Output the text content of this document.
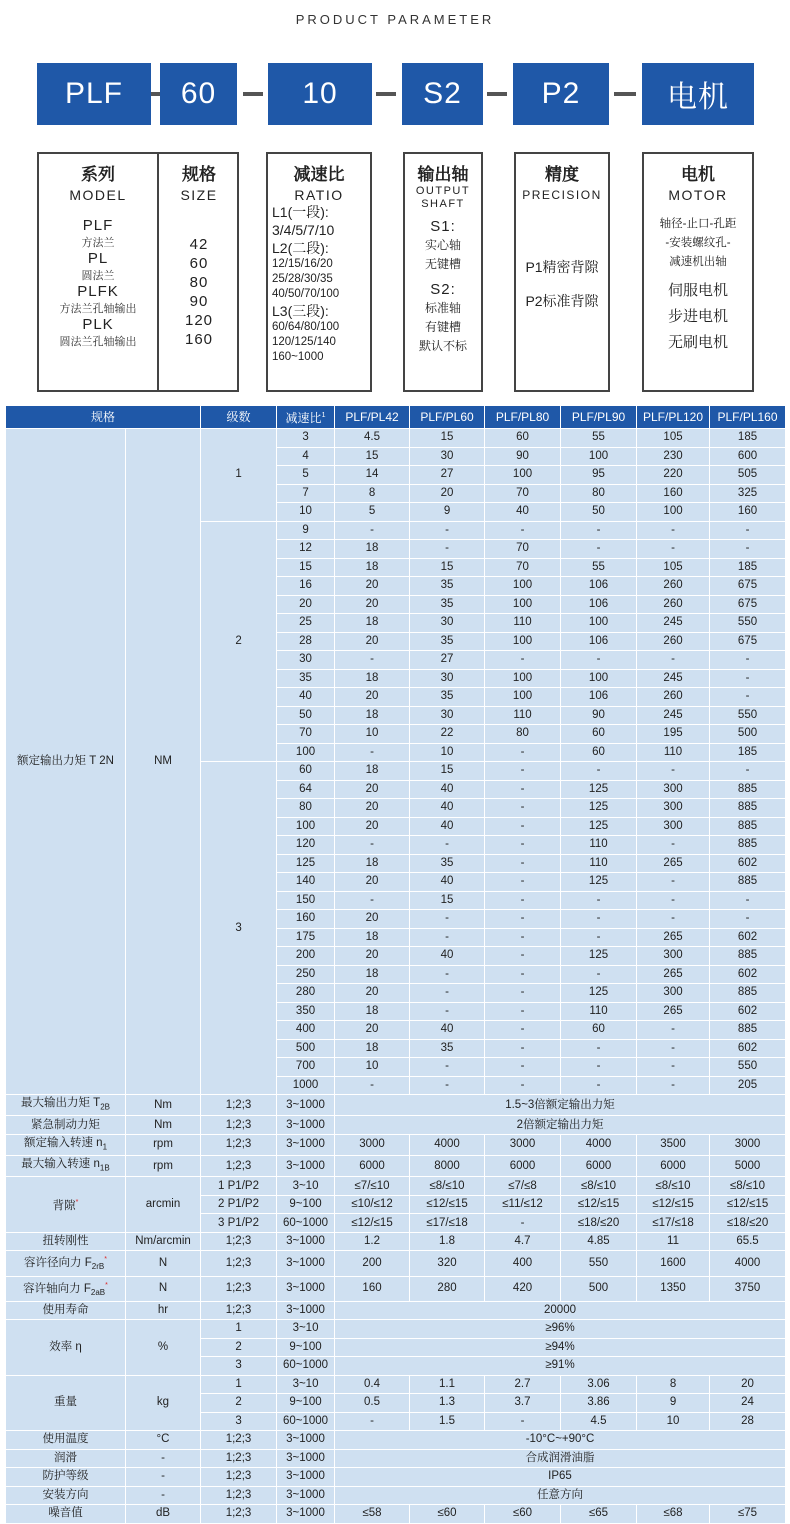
PRODUCT PARAMETER
PLF	60	10	S2	P2	电机
系列
MODEL
PLF
方法兰
PL
圆法兰
PLFK
方法兰孔轴输出
PLK
圆法兰孔轴输出
规格
SIZE
42
60
80
90
120
160
减速比
RATIO
L1(一段):
3/4/5/7/10
L2(二段):
12/15/16/20
25/28/30/35
40/50/70/100
L3(三段):
60/64/80/100
120/125/140
160~1000
输出轴
OUTPUT
SHAFT
S1:
实心轴
无键槽
S2:
标准轴
有键槽
默认不标
精度
PRECISION
P1精密背隙
P2标准背隙
电机
MOTOR
轴径-止口-孔距
-安装螺纹孔-
减速机出轴
伺服电机
步进电机
无刷电机
规格		级数	减速比$^1$	PLF/PL42	PLF/PL60	PLF/PL80	PLF/PL90	PLF/PL120	PLF/PL160
额定输出力矩 T 2N	NM	1	3	4.5	15	60	55	105	185
			4	15	30	90	100	230	600
			5	14	27	100	95	220	505
			7	8	20	70	80	160	325
			10	5	9	40	50	100	160
		2	9	-	-	-	-	-	-
			12	18	-	70	-	-	-
			15	18	15	70	55	105	185
			16	20	35	100	106	260	675
			20	20	35	100	106	260	675
			25	18	30	110	100	245	550
			28	20	35	100	106	260	675
			30	-	27	-	-	-	-
			35	18	30	100	100	245	-
			40	20	35	100	106	260	-
			50	18	30	110	90	245	550
			70	10	22	80	60	195	500
			100	-	10	-	60	110	185
		3	60	18	15	-	-	-	-
			64	20	40	-	125	300	885
			80	20	40	-	125	300	885
			100	20	40	-	125	300	885
			120	-	-	-	110	-	885
			125	18	35	-	110	265	602
			140	20	40	-	125	-	885
			150	-	15	-	-	-	-
			160	20	-	-	-	-	-
			175	18	-	-	-	265	602
			200	20	40	-	125	300	885
			250	18	-	-	-	265	602
			280	20	-	-	125	300	885
			350	18	-	-	110	265	602
			400	20	40	-	60	-	885
			500	18	35	-	-	-	602
			700	10	-	-	-	-	550
			1000	-	-	-	-	-	205
最大输出力矩 $T_{2B}$	Nm	1;2;3	3~1000	1.5~3倍额定输出力矩					
紧急制动力矩	Nm	1;2;3	3~1000	2倍额定输出力矩					
额定输入转速 $n_1$	rpm	1;2;3	3~1000	3000	4000	3000	4000	3500	3000
最大输入转速 $n_{1B}$	rpm	1;2;3	3~1000	6000	8000	6000	6000	6000	5000
背隙*	arcmin	1 P1/P2	3~10	≤7/≤10	≤8/≤10	≤7/≤8	≤8/≤10	≤8/≤10	≤8/≤10
		2 P1/P2	9~100	≤10/≤12	≤12/≤15	≤11/≤12	≤12/≤15	≤12/≤15	≤12/≤15
		3 P1/P2	60~1000	≤12/≤15	≤17/≤18	-	≤18/≤20	≤17/≤18	≤18/≤20
扭转刚性	Nm/arcmin	1;2;3	3~1000	1.2	1.8	4.7	4.85	11	65.5
容许径向力 $F_{2rB}^*$	N	1;2;3	3~1000	200	320	400	550	1600	4000
容许轴向力 $F_{2aB}^*$	N	1;2;3	3~1000	160	280	420	500	1350	3750
使用寿命	hr	1;2;3	3~1000	20000					
效率 η	%	1	3~10	≥96%					
		2	9~100	≥94%					
		3	60~1000	≥91%					
重量	kg	1	3~10	0.4	1.1	2.7	3.06	8	20
		2	9~100	0.5	1.3	3.7	3.86	9	24
		3	60~1000	-	1.5	-	4.5	10	28
使用温度	°C	1;2;3	3~1000	-10°C~+90°C					
润滑	-	1;2;3	3~1000	合成润滑油脂					
防护等级	-	1;2;3	3~1000	IP65					
安装方向	-	1;2;3	3~1000	任意方向					
噪音值	dB	1;2;3	3~1000	≤58	≤60	≤60	≤65	≤68	≤75
